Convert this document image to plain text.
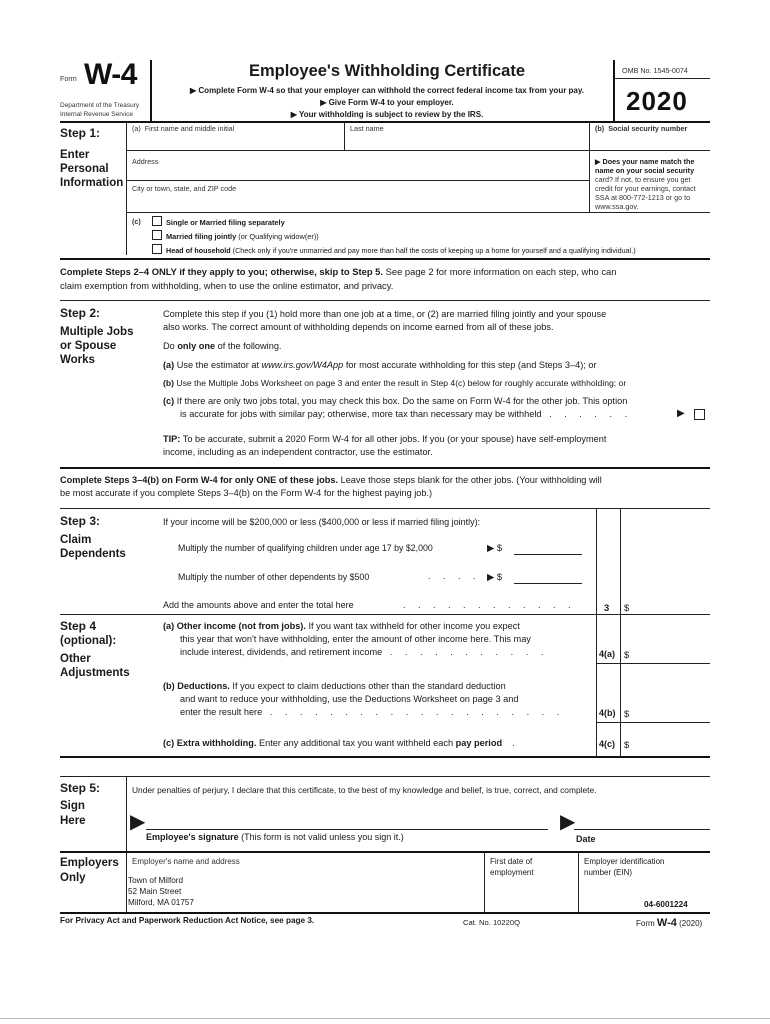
Form W-4
Department of the Treasury
Internal Revenue Service
Employee's Withholding Certificate
▶ Complete Form W-4 so that your employer can withhold the correct federal income tax from your pay.
▶ Give Form W-4 to your employer.
▶ Your withholding is subject to review by the IRS.
OMB No. 1545-0074
2020
Step 1:
Enter
Personal
Information
(a) First name and middle initial	Last name	(b) Social security number
Address
City or town, state, and ZIP code
▶ Does your name match the
name on your social security
card? If not, to ensure you get
credit for your earnings, contact
SSA at 800-772-1213 or go to
www.ssa.gov.
(c)	Single or Married filing separately
Married filing jointly (or Qualifying widow(er))
Head of household (Check only if you're unmarried and pay more than half the costs of keeping up a home for yourself and a qualifying individual.)
Complete Steps 2–4 ONLY if they apply to you; otherwise, skip to Step 5. See page 2 for more information on each step, who can
claim exemption from withholding, when to use the online estimator, and privacy.
Step 2:
Multiple Jobs
or Spouse
Works
Complete this step if you (1) hold more than one job at a time, or (2) are married filing jointly and your spouse
also works. The correct amount of withholding depends on income earned from all of these jobs.
Do only one of the following.
(a) Use the estimator at www.irs.gov/W4App for most accurate withholding for this step (and Steps 3–4); or
(b) Use the Multiple Jobs Worksheet on page 3 and enter the result in Step 4(c) below for roughly accurate withholding; or
(c) If there are only two jobs total, you may check this box. Do the same on Form W-4 for the other job. This option
is accurate for jobs with similar pay; otherwise, more tax than necessary may be withheld . . . . . .	▶
TIP: To be accurate, submit a 2020 Form W-4 for all other jobs. If you (or your spouse) have self-employment
income, including as an independent contractor, use the estimator.
Complete Steps 3–4(b) on Form W-4 for only ONE of these jobs. Leave those steps blank for the other jobs. (Your withholding will
be most accurate if you complete Steps 3–4(b) on the Form W-4 for the highest paying job.)
Step 3:
Claim
Dependents
If your income will be $200,000 or less ($400,000 or less if married filing jointly):
Multiply the number of qualifying children under age 17 by $2,000	▶ $
Multiply the number of other dependents by $500	. . . . ▶ $
Add the amounts above and enter the total here	. . . . . . . . . . . .	3 $
Step 4
(optional):
Other
Adjustments
(a) Other income (not from jobs). If you want tax withheld for other income you expect
this year that won't have withholding, enter the amount of other income here. This may
include interest, dividends, and retirement income . . . . . . . . . . .	4(a) $
(b) Deductions. If you expect to claim deductions other than the standard deduction
and want to reduce your withholding, use the Deductions Worksheet on page 3 and
enter the result here . . . . . . . . . . . . . . . . . . . .	4(b) $
(c) Extra withholding. Enter any additional tax you want withheld each pay period    .	4(c) $
Step 5:
Sign
Here
Under penalties of perjury, I declare that this certificate, to the best of my knowledge and belief, is true, correct, and complete.
▶
Employee's signature (This form is not valid unless you sign it.)
▶
Date
Employers
Only
Employer's name and address
Town of Milford
52 Main Street
Milford, MA 01757
First date of
employment
Employer identification
number (EIN)
04-6001224
For Privacy Act and Paperwork Reduction Act Notice, see page 3.	Cat. No. 10220Q	Form W-4 (2020)
